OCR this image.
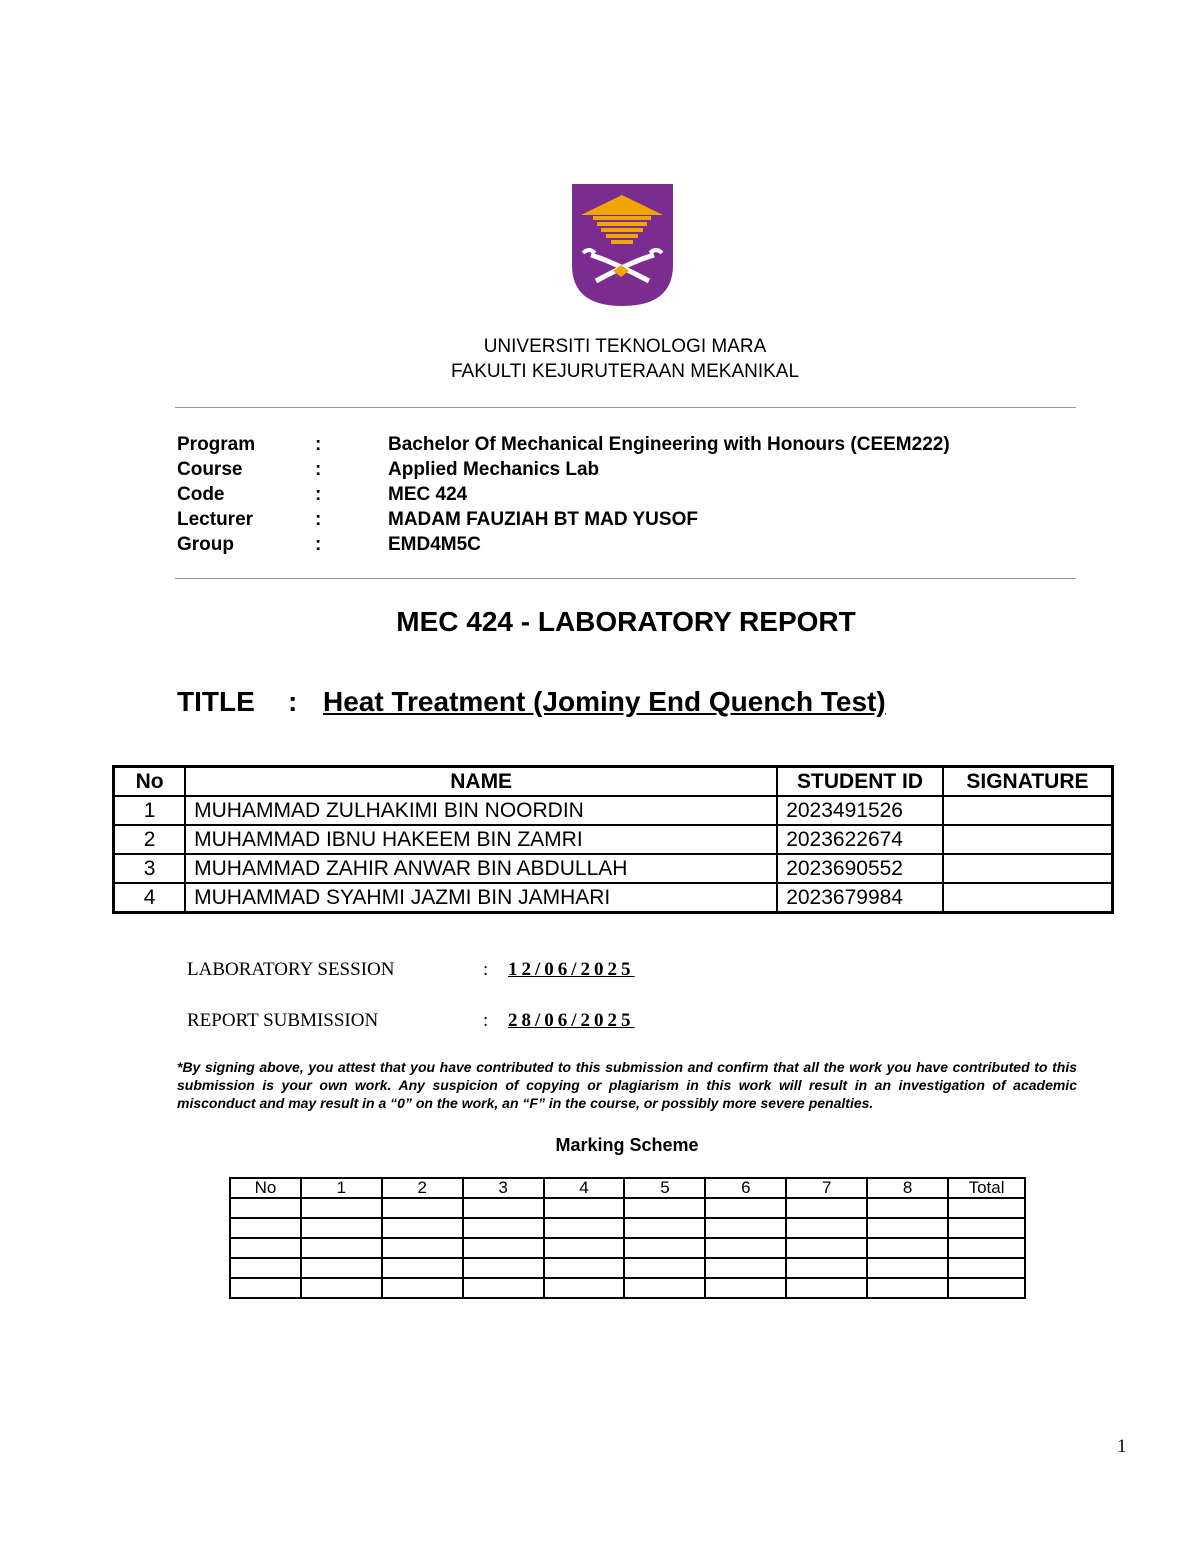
UNIVERSITI TEKNOLOGI MARA
FAKULTI KEJURUTERAAN MEKANIKAL
Program	:	Bachelor Of Mechanical Engineering with Honours (CEEM222)
Course	:	Applied Mechanics Lab
Code	:	MEC 424
Lecturer	:	MADAM FAUZIAH BT MAD YUSOF
Group	:	EMD4M5C
MEC 424 - LABORATORY REPORT
TITLE : Heat Treatment (Jominy End Quench Test)
No	NAME	STUDENT ID	SIGNATURE
1	MUHAMMAD ZULHAKIMI BIN NOORDIN	2023491526	
2	MUHAMMAD IBNU HAKEEM BIN ZAMRI	2023622674	
3	MUHAMMAD ZAHIR ANWAR BIN ABDULLAH	2023690552	
4	MUHAMMAD SYAHMI JAZMI BIN JAMHARI	2023679984	
LABORATORY SESSION	: 12/06/2025
REPORT SUBMISSION	: 28/06/2025
*By signing above, you attest that you have contributed to this submission and confirm that all the work you have contributed to this submission is your own work. Any suspicion of copying or plagiarism in this work will result in an investigation of academic misconduct and may result in a “0” on the work, an “F” in the course, or possibly more severe penalties.
Marking Scheme
No	1	2	3	4	5	6	7	8	Total

1
